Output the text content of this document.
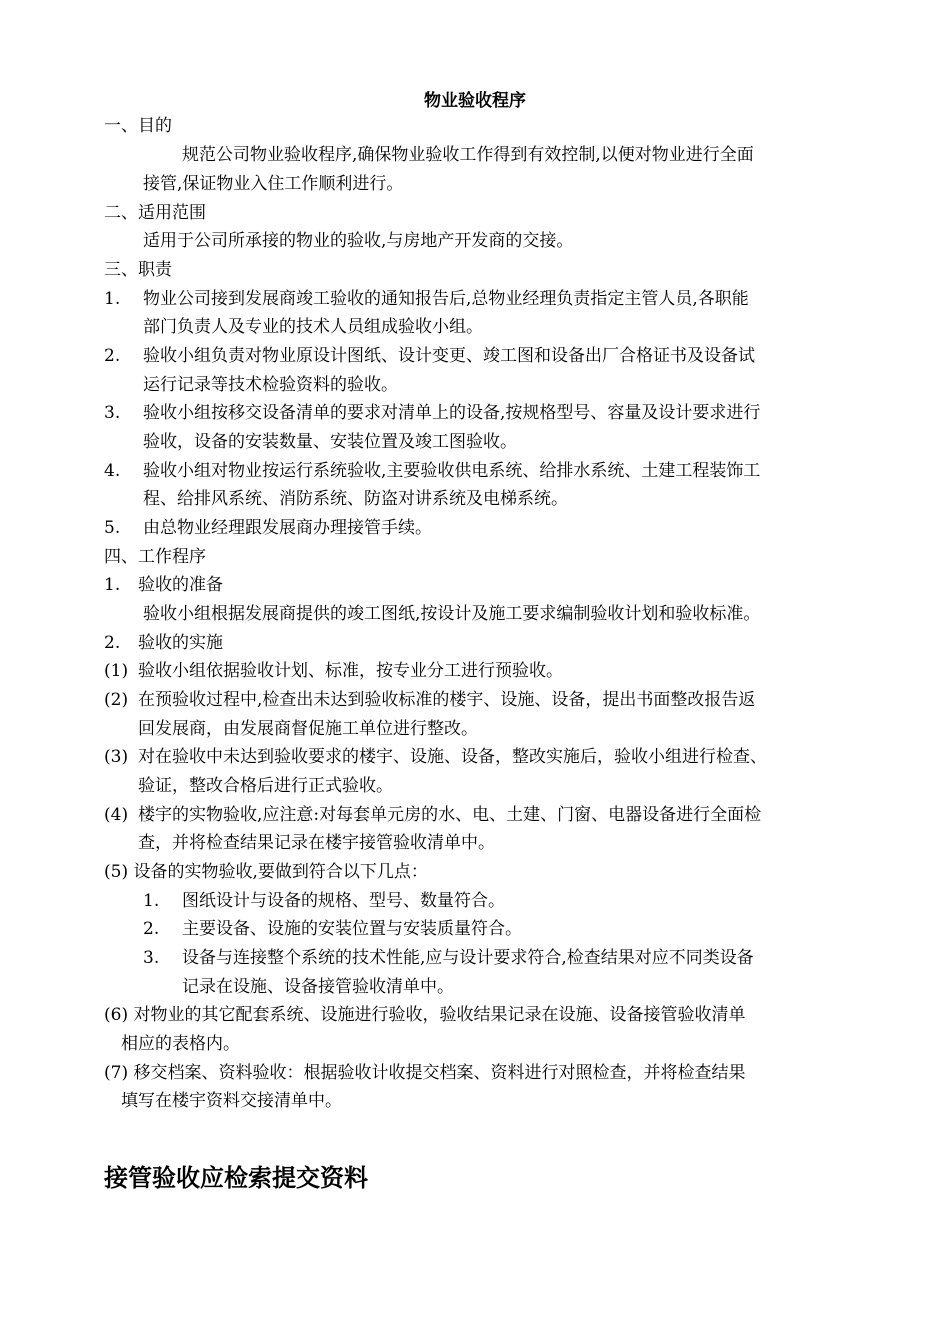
物业验收程序
一、目的
规范公司物业验收程序,确保物业验收工作得到有效控制,以便对物业进行全面
接管,保证物业入住工作顺利进行。
二、适用范围
适用于公司所承接的物业的验收,与房地产开发商的交接。
三、职责
1. 物业公司接到发展商竣工验收的通知报告后,总物业经理负责指定主管人员,各职能
部门负责人及专业的技术人员组成验收小组。
2. 验收小组负责对物业原设计图纸、设计变更、竣工图和设备出厂合格证书及设备试
运行记录等技术检验资料的验收。
3. 验收小组按移交设备清单的要求对清单上的设备,按规格型号、容量及设计要求进行
验收，设备的安装数量、安装位置及竣工图验收。
4. 验收小组对物业按运行系统验收,主要验收供电系统、给排水系统、土建工程装饰工
程、给排风系统、消防系统、防盗对讲系统及电梯系统。
5. 由总物业经理跟发展商办理接管手续。
四、工作程序
1. 验收的准备
验收小组根据发展商提供的竣工图纸,按设计及施工要求编制验收计划和验收标准。
2. 验收的实施
(1) 验收小组依据验收计划、标准，按专业分工进行预验收。
(2) 在预验收过程中,检查出未达到验收标准的楼宇、设施、设备，提出书面整改报告返
回发展商，由发展商督促施工单位进行整改。
(3) 对在验收中未达到验收要求的楼宇、设施、设备，整改实施后，验收小组进行检查、
验证，整改合格后进行正式验收。
(4) 楼宇的实物验收,应注意:对每套单元房的水、电、土建、门窗、电器设备进行全面检
查，并将检查结果记录在楼宇接管验收清单中。
(5) 设备的实物验收,要做到符合以下几点：
1. 图纸设计与设备的规格、型号、数量符合。
2. 主要设备、设施的安装位置与安装质量符合。
3. 设备与连接整个系统的技术性能,应与设计要求符合,检查结果对应不同类设备
记录在设施、设备接管验收清单中。
(6) 对物业的其它配套系统、设施进行验收，验收结果记录在设施、设备接管验收清单
相应的表格内。
(7) 移交档案、资料验收：根据验收计收提交档案、资料进行对照检查，并将检查结果
填写在楼宇资料交接清单中。
接管验收应检索提交资料
